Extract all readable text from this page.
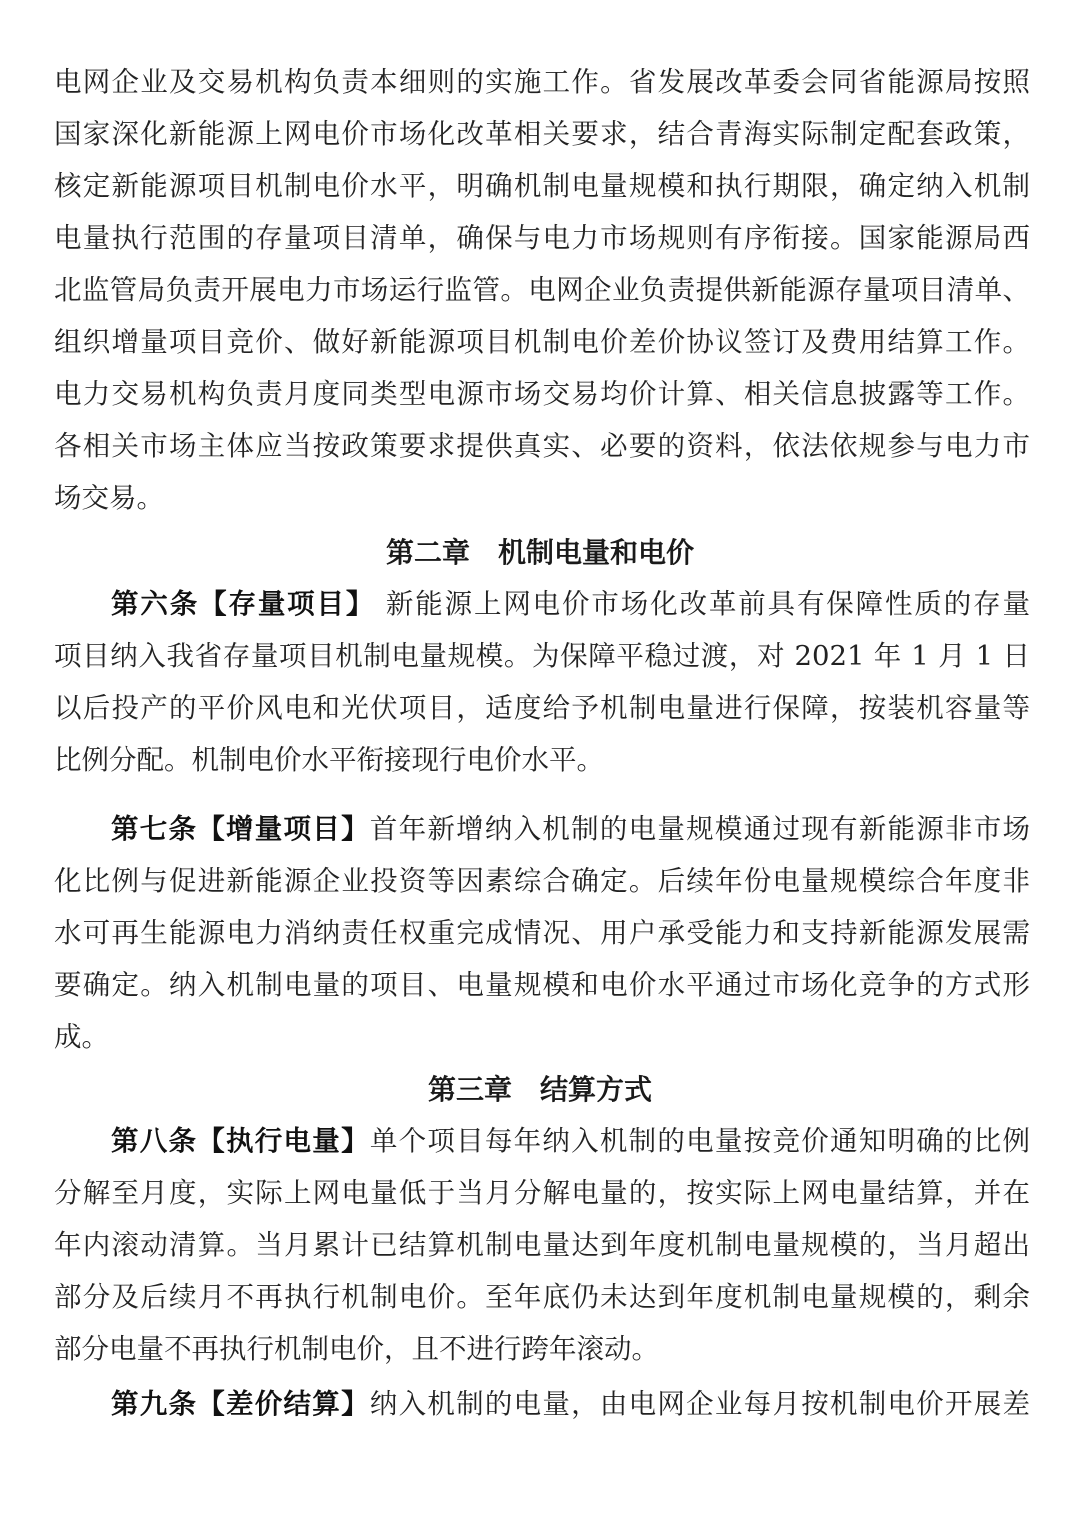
电网企业及交易机构负责本细则的实施工作。省发展改革委会同省能源局按照
国家深化新能源上网电价市场化改革相关要求，结合青海实际制定配套政策，
核定新能源项目机制电价水平，明确机制电量规模和执行期限，确定纳入机制
电量执行范围的存量项目清单，确保与电力市场规则有序衔接。国家能源局西
北监管局负责开展电力市场运行监管。电网企业负责提供新能源存量项目清单、
组织增量项目竞价、做好新能源项目机制电价差价协议签订及费用结算工作。
电力交易机构负责月度同类型电源市场交易均价计算、相关信息披露等工作。
各相关市场主体应当按政策要求提供真实、必要的资料，依法依规参与电力市
场交易。
第二章　机制电量和电价
第六条【存量项目】 新能源上网电价市场化改革前具有保障性质的存量
项目纳入我省存量项目机制电量规模。为保障平稳过渡，对 2021 年 1 月 1 日
以后投产的平价风电和光伏项目，适度给予机制电量进行保障，按装机容量等
比例分配。机制电价水平衔接现行电价水平。
第七条【增量项目】首年新增纳入机制的电量规模通过现有新能源非市场
化比例与促进新能源企业投资等因素综合确定。后续年份电量规模综合年度非
水可再生能源电力消纳责任权重完成情况、用户承受能力和支持新能源发展需
要确定。纳入机制电量的项目、电量规模和电价水平通过市场化竞争的方式形
成。
第三章　结算方式
第八条【执行电量】单个项目每年纳入机制的电量按竞价通知明确的比例
分解至月度，实际上网电量低于当月分解电量的，按实际上网电量结算，并在
年内滚动清算。当月累计已结算机制电量达到年度机制电量规模的，当月超出
部分及后续月不再执行机制电价。至年底仍未达到年度机制电量规模的，剩余
部分电量不再执行机制电价，且不进行跨年滚动。
第九条【差价结算】纳入机制的电量，由电网企业每月按机制电价开展差
